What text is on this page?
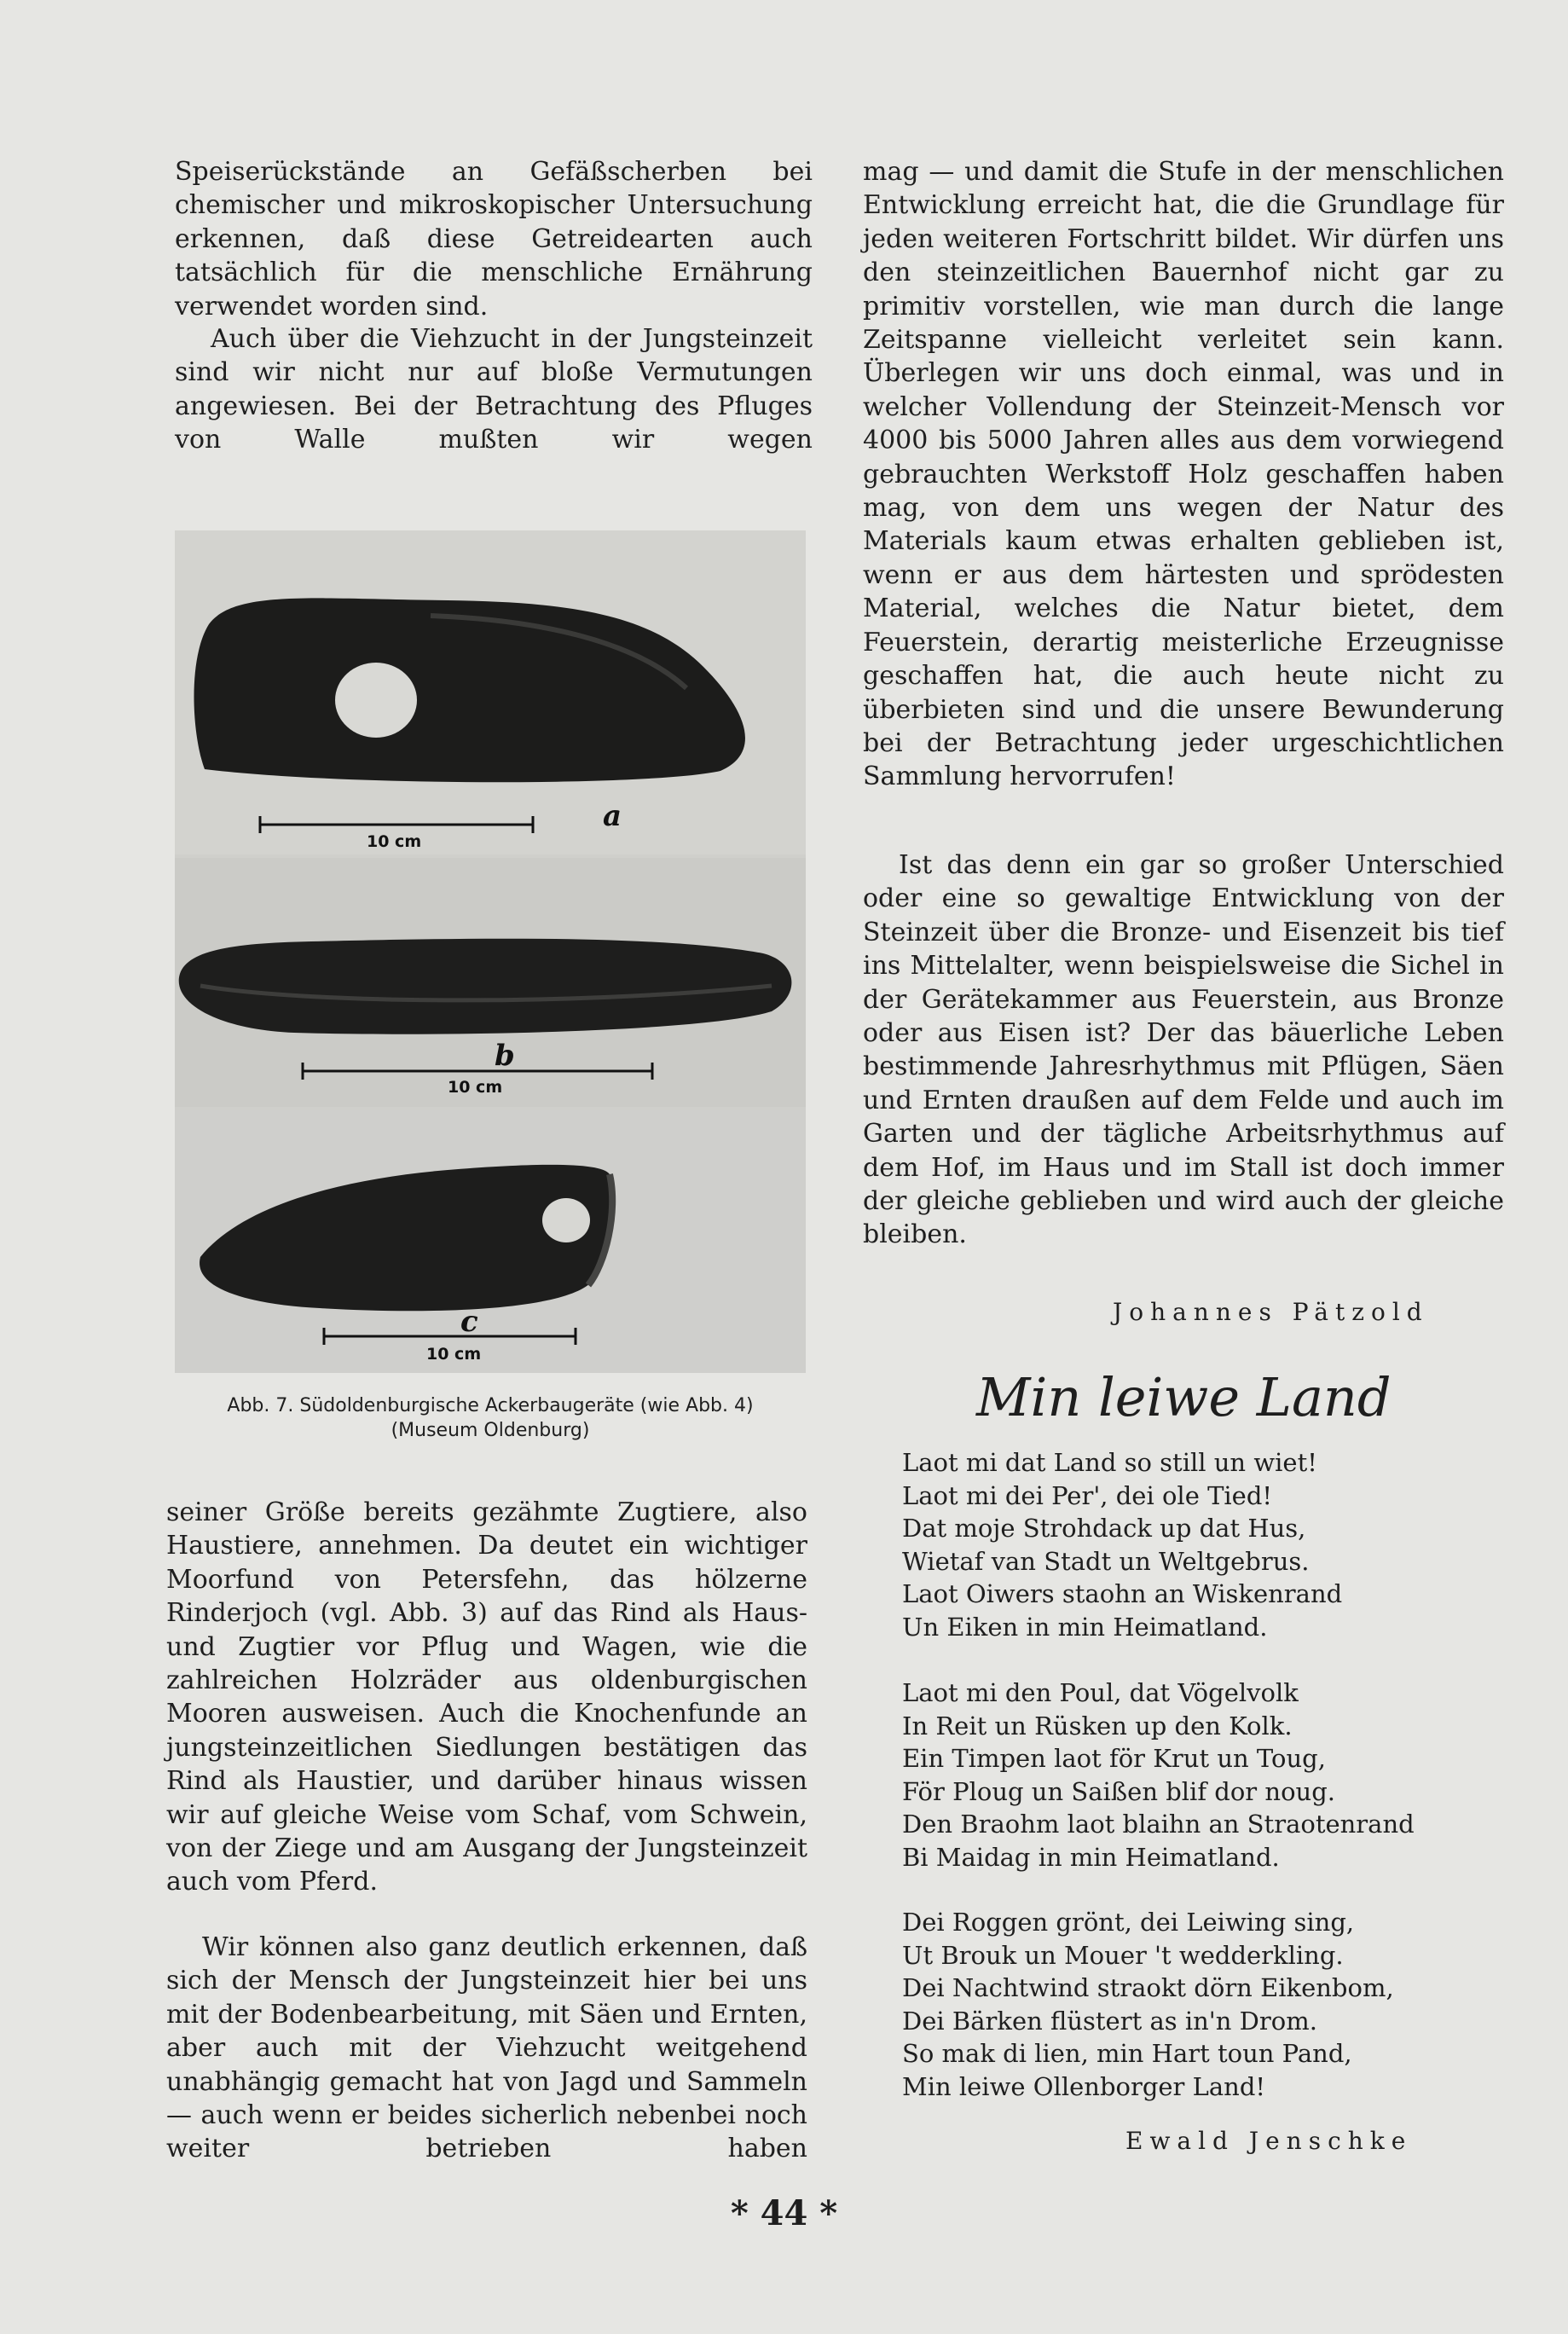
Speiserückstände an Gefäßscherben bei chemischer und mikroskopischer Untersuchung erkennen, daß diese Getreidearten auch tatsächlich für die menschliche Ernährung verwendet worden sind.

Auch über die Viehzucht in der Jungsteinzeit sind wir nicht nur auf bloße Vermutungen angewiesen. Bei der Betrachtung des Pfluges von Walle mußten wir wegen

10 cm
a
10 cm
b
10 cm
c
Abb. 7. Südoldenburgische Ackerbaugeräte (wie Abb. 4)
(Museum Oldenburg)

seiner Größe bereits gezähmte Zugtiere, also Haustiere, annehmen. Da deutet ein wichtiger Moorfund von Petersfehn, das hölzerne Rinderjoch (vgl. Abb. 3) auf das Rind als Haus- und Zugtier vor Pflug und Wagen, wie die zahlreichen Holzräder aus oldenburgischen Mooren ausweisen. Auch die Knochenfunde an jungsteinzeitlichen Siedlungen bestätigen das Rind als Haustier, und darüber hinaus wissen wir auf gleiche Weise vom Schaf, vom Schwein, von der Ziege und am Ausgang der Jungsteinzeit auch vom Pferd.

Wir können also ganz deutlich erkennen, daß sich der Mensch der Jungsteinzeit hier bei uns mit der Bodenbearbeitung, mit Säen und Ernten, aber auch mit der Viehzucht weitgehend unabhängig gemacht hat von Jagd und Sammeln — auch wenn er beides sicherlich nebenbei noch weiter betrieben haben

mag — und damit die Stufe in der menschlichen Entwicklung erreicht hat, die die Grundlage für jeden weiteren Fortschritt bildet. Wir dürfen uns den steinzeitlichen Bauernhof nicht gar zu primitiv vorstellen, wie man durch die lange Zeitspanne vielleicht verleitet sein kann. Überlegen wir uns doch einmal, was und in welcher Vollendung der Steinzeit-Mensch vor 4000 bis 5000 Jahren alles aus dem vorwiegend gebrauchten Werkstoff Holz geschaffen haben mag, von dem uns wegen der Natur des Materials kaum etwas erhalten geblieben ist, wenn er aus dem härtesten und sprödesten Material, welches die Natur bietet, dem Feuerstein, derartig meisterliche Erzeugnisse geschaffen hat, die auch heute nicht zu überbieten sind und die unsere Bewunderung bei der Betrachtung jeder urgeschichtlichen Sammlung hervorrufen!

Ist das denn ein gar so großer Unterschied oder eine so gewaltige Entwicklung von der Steinzeit über die Bronze- und Eisenzeit bis tief ins Mittelalter, wenn beispielsweise die Sichel in der Gerätekammer aus Feuerstein, aus Bronze oder aus Eisen ist? Der das bäuerliche Leben bestimmende Jahresrhythmus mit Pflügen, Säen und Ernten draußen auf dem Felde und auch im Garten und der tägliche Arbeitsrhythmus auf dem Hof, im Haus und im Stall ist doch immer der gleiche geblieben und wird auch der gleiche bleiben.

Johannes Pätzold
Min leiwe Land
Laot mi dat Land so still un wiet!
Laot mi dei Per', dei ole Tied!
Dat moje Strohdack up dat Hus,
Wietaf van Stadt un Weltgebrus.
Laot Oiwers staohn an Wiskenrand
Un Eiken in min Heimatland.
Laot mi den Poul, dat Vögelvolk
In Reit un Rüsken up den Kolk.
Ein Timpen laot för Krut un Toug,
För Ploug un Saißen blif dor noug.
Den Braohm laot blaihn an Straotenrand
Bi Maidag in min Heimatland.
Dei Roggen grönt, dei Leiwing sing,
Ut Brouk un Mouer 't wedderkling.
Dei Nachtwind straokt dörn Eikenbom,
Dei Bärken flüstert as in'n Drom.
So mak di lien, min Hart toun Pand,
Min leiwe Ollenborger Land!
Ewald Jenschke
* 44 *
